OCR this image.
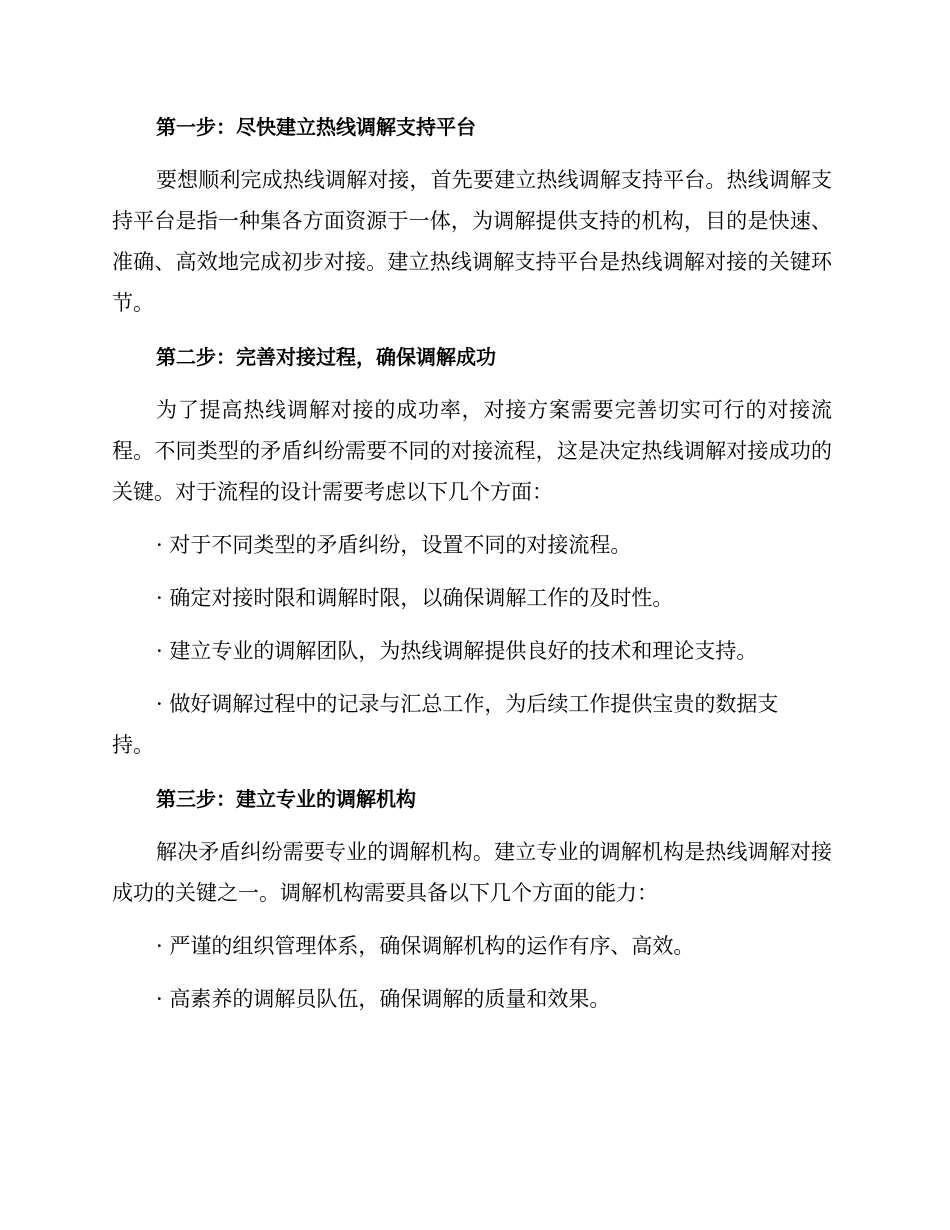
第一步：尽快建立热线调解支持平台
要想顺利完成热线调解对接，首先要建立热线调解支持平台。热线调解支持平台是指一种集各方面资源于一体，为调解提供支持的机构，目的是快速、准确、高效地完成初步对接。建立热线调解支持平台是热线调解对接的关键环节。
第二步：完善对接过程，确保调解成功
为了提高热线调解对接的成功率，对接方案需要完善切实可行的对接流程。不同类型的矛盾纠纷需要不同的对接流程，这是决定热线调解对接成功的关键。对于流程的设计需要考虑以下几个方面：
· 对于不同类型的矛盾纠纷，设置不同的对接流程。
· 确定对接时限和调解时限，以确保调解工作的及时性。
· 建立专业的调解团队，为热线调解提供良好的技术和理论支持。
· 做好调解过程中的记录与汇总工作，为后续工作提供宝贵的数据支持。
第三步：建立专业的调解机构
解决矛盾纠纷需要专业的调解机构。建立专业的调解机构是热线调解对接成功的关键之一。调解机构需要具备以下几个方面的能力：
· 严谨的组织管理体系，确保调解机构的运作有序、高效。
· 高素养的调解员队伍，确保调解的质量和效果。
